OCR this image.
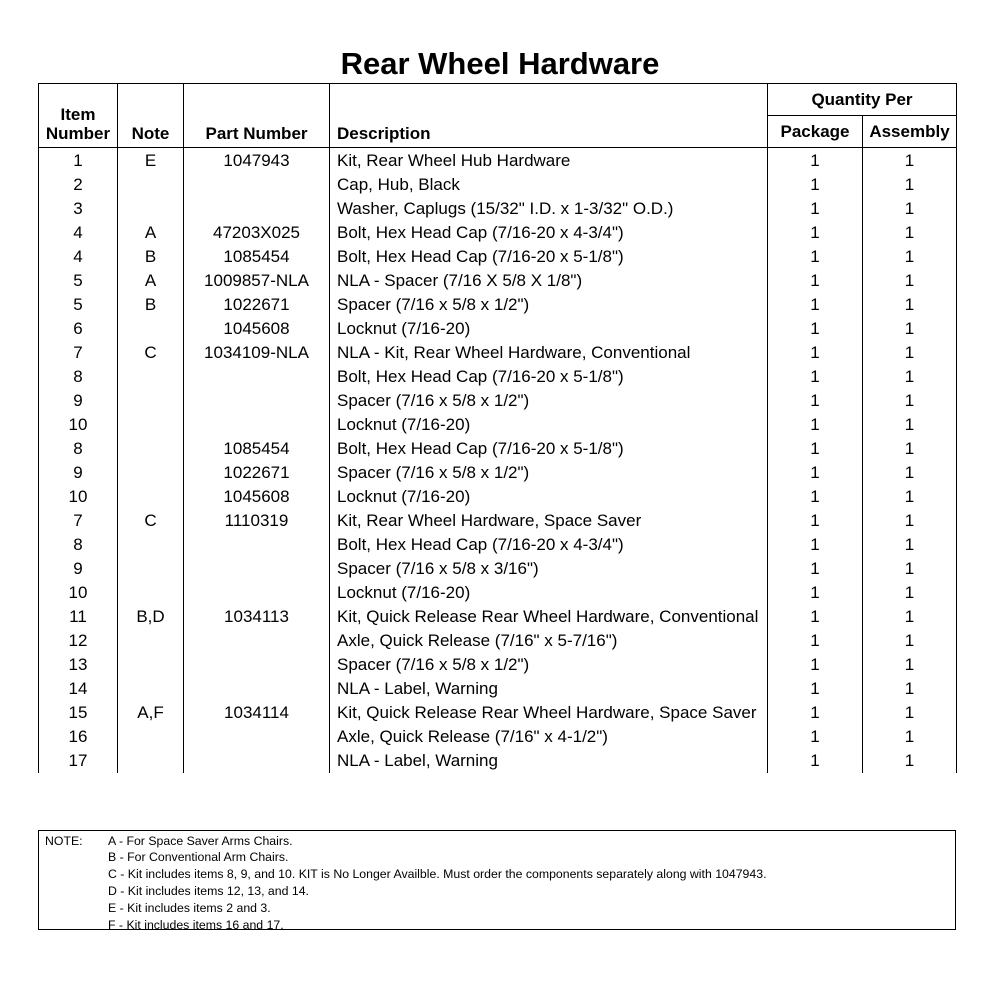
Rear Wheel Hardware
Item
Number	Note	Part Number	Description	Quantity Per	
				Package	Assembly
1	E	1047943	Kit, Rear Wheel Hub Hardware	1	1
2			Cap, Hub, Black	1	1
3			Washer, Caplugs (15/32" I.D. x 1-3/32" O.D.)	1	1
4	A	47203X025	Bolt, Hex Head Cap (7/16-20 x 4-3/4")	1	1
4	B	1085454	Bolt, Hex Head Cap (7/16-20 x 5-1/8")	1	1
5	A	1009857-NLA	NLA - Spacer (7/16 X 5/8 X 1/8")	1	1
5	B	1022671	Spacer (7/16 x 5/8 x 1/2")	1	1
6		1045608	Locknut (7/16-20)	1	1
7	C	1034109-NLA	NLA - Kit, Rear Wheel Hardware, Conventional	1	1
8			Bolt, Hex Head Cap (7/16-20 x 5-1/8")	1	1
9			Spacer (7/16 x 5/8 x 1/2")	1	1
10			Locknut (7/16-20)	1	1
8		1085454	Bolt, Hex Head Cap (7/16-20 x 5-1/8")	1	1
9		1022671	Spacer (7/16 x 5/8 x 1/2")	1	1
10		1045608	Locknut (7/16-20)	1	1
7	C	1110319	Kit, Rear Wheel Hardware, Space Saver	1	1
8			Bolt, Hex Head Cap (7/16-20 x 4-3/4")	1	1
9			Spacer (7/16 x 5/8 x 3/16")	1	1
10			Locknut (7/16-20)	1	1
11	B,D	1034113	Kit, Quick Release Rear Wheel Hardware, Conventional	1	1
12			Axle, Quick Release (7/16" x 5-7/16")	1	1
13			Spacer (7/16 x 5/8 x 1/2")	1	1
14			NLA - Label, Warning	1	1
15	A,F	1034114	Kit, Quick Release Rear Wheel Hardware, Space Saver	1	1
16			Axle, Quick Release (7/16" x 4-1/2")	1	1
17			NLA - Label, Warning	1	1
NOTE: A - For Space Saver Arms Chairs.
B - For Conventional Arm Chairs.
C - Kit includes items 8, 9, and 10. KIT is No Longer Availble. Must order the components separately along with 1047943.
D - Kit includes items 12, 13, and 14.
E - Kit includes items 2 and 3.
F - Kit includes items 16 and 17.
